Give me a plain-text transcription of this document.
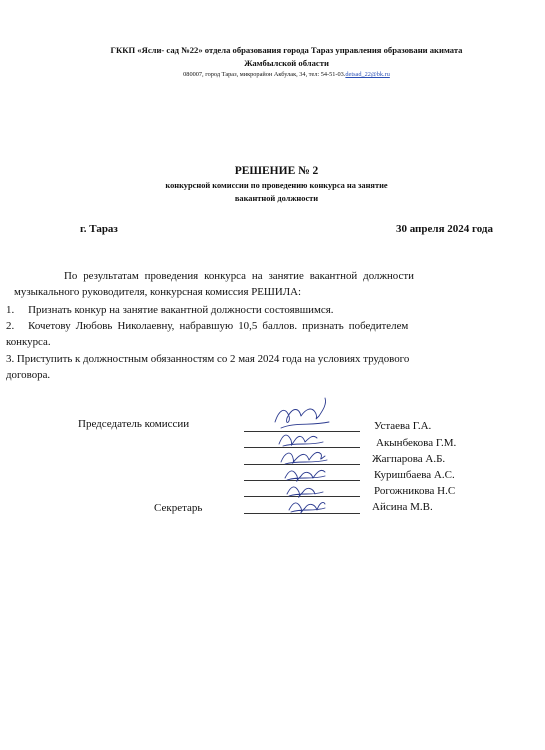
ГККП «Ясли- сад №22» отдела образования города Тараз управления образовани акимата
Жамбылской области
080007, город Тараз, микрорайон Акбулак, 34, тел: 54-51-03.detsad_22@bk.ru
РЕШЕНИЕ № 2
конкурсной комиссии по проведению конкурса на занятие
вакантной должности
г. Тараз	30 апреля 2024 года
По результатам проведения конкурса на занятие вакантной должности
музыкального руководителя, конкурсная комиссия РЕШИЛА:
1. Признать конкур на занятие вакантной должности состоявшимся.
2. Кочетову Любовь Николаевну, набравшую 10,5 баллов. признать победителем
конкурса.
3. Приступить к должностным обязанностям со 2 мая 2024 года на условиях трудового
договора.
Председатель комиссии
Секретарь
Устаева Г.А.
Акынбекова Г.М.
Жагпарова А.Б.
Куришбаева А.С.
Рогожникова Н.С
Айсина М.В.
